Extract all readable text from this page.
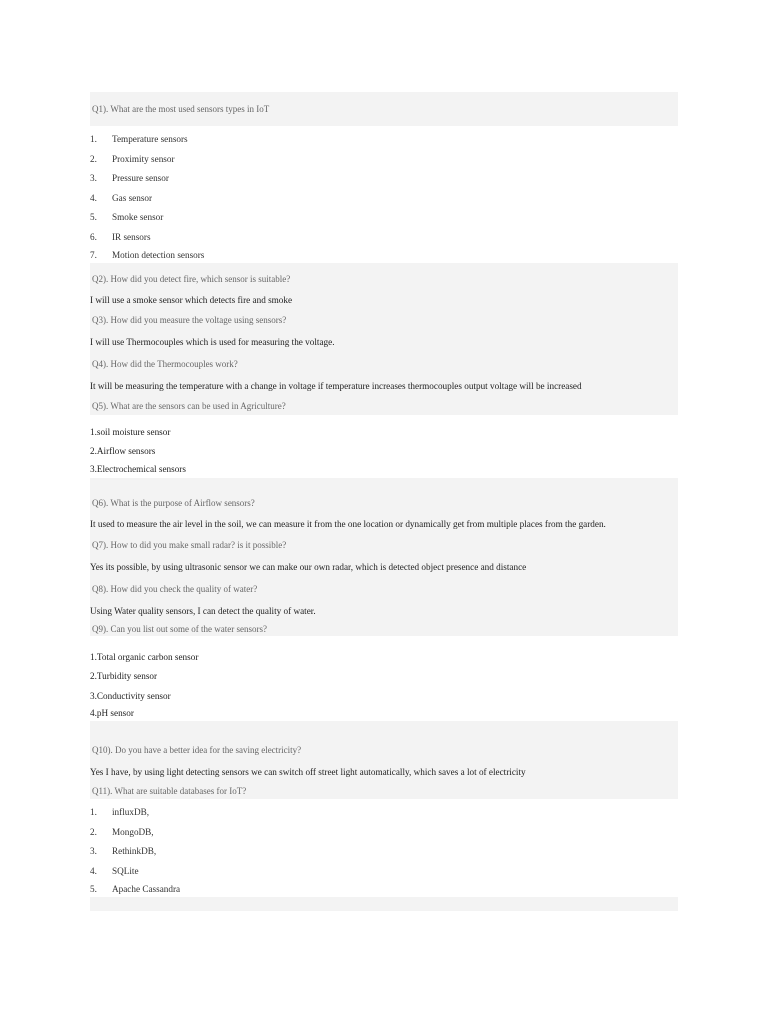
Q1). What are the most used sensors types in IoT
1.	Temperature sensors
2.	Proximity sensor
3.	Pressure sensor
4.	Gas sensor
5.	Smoke sensor
6.	IR sensors
7.	Motion detection sensors
Q2). How did you detect fire, which sensor is suitable?
I will use a smoke sensor which detects fire and smoke
Q3). How did you measure the voltage using sensors?
I will use Thermocouples which is used for measuring the voltage.
Q4). How did the Thermocouples work?
It will be measuring the temperature with a change in voltage if temperature increases thermocouples output voltage will be increased
Q5). What are the sensors can be used in Agriculture?
1.soil moisture sensor
2.Airflow sensors
3.Electrochemical sensors
Q6). What is the purpose of Airflow sensors?
It used to measure the air level in the soil, we can measure it from the one location or dynamically get from multiple places from the garden.
Q7). How to did you make small radar? is it possible?
Yes its possible, by using ultrasonic sensor we can make our own radar, which is detected object presence and distance
Q8). How did you check the quality of water?
Using Water quality sensors, I can detect the quality of water.
Q9). Can you list out some of the water sensors?
1.Total organic carbon sensor
2.Turbidity sensor
3.Conductivity sensor
4.pH sensor
Q10). Do you have a better idea for the saving electricity?
Yes I have, by using light detecting sensors we can switch off street light automatically, which saves a lot of electricity
Q11). What are suitable databases for IoT?
1.	influxDB,
2.	MongoDB,
3.	RethinkDB,
4.	SQLite
5.	Apache Cassandra
